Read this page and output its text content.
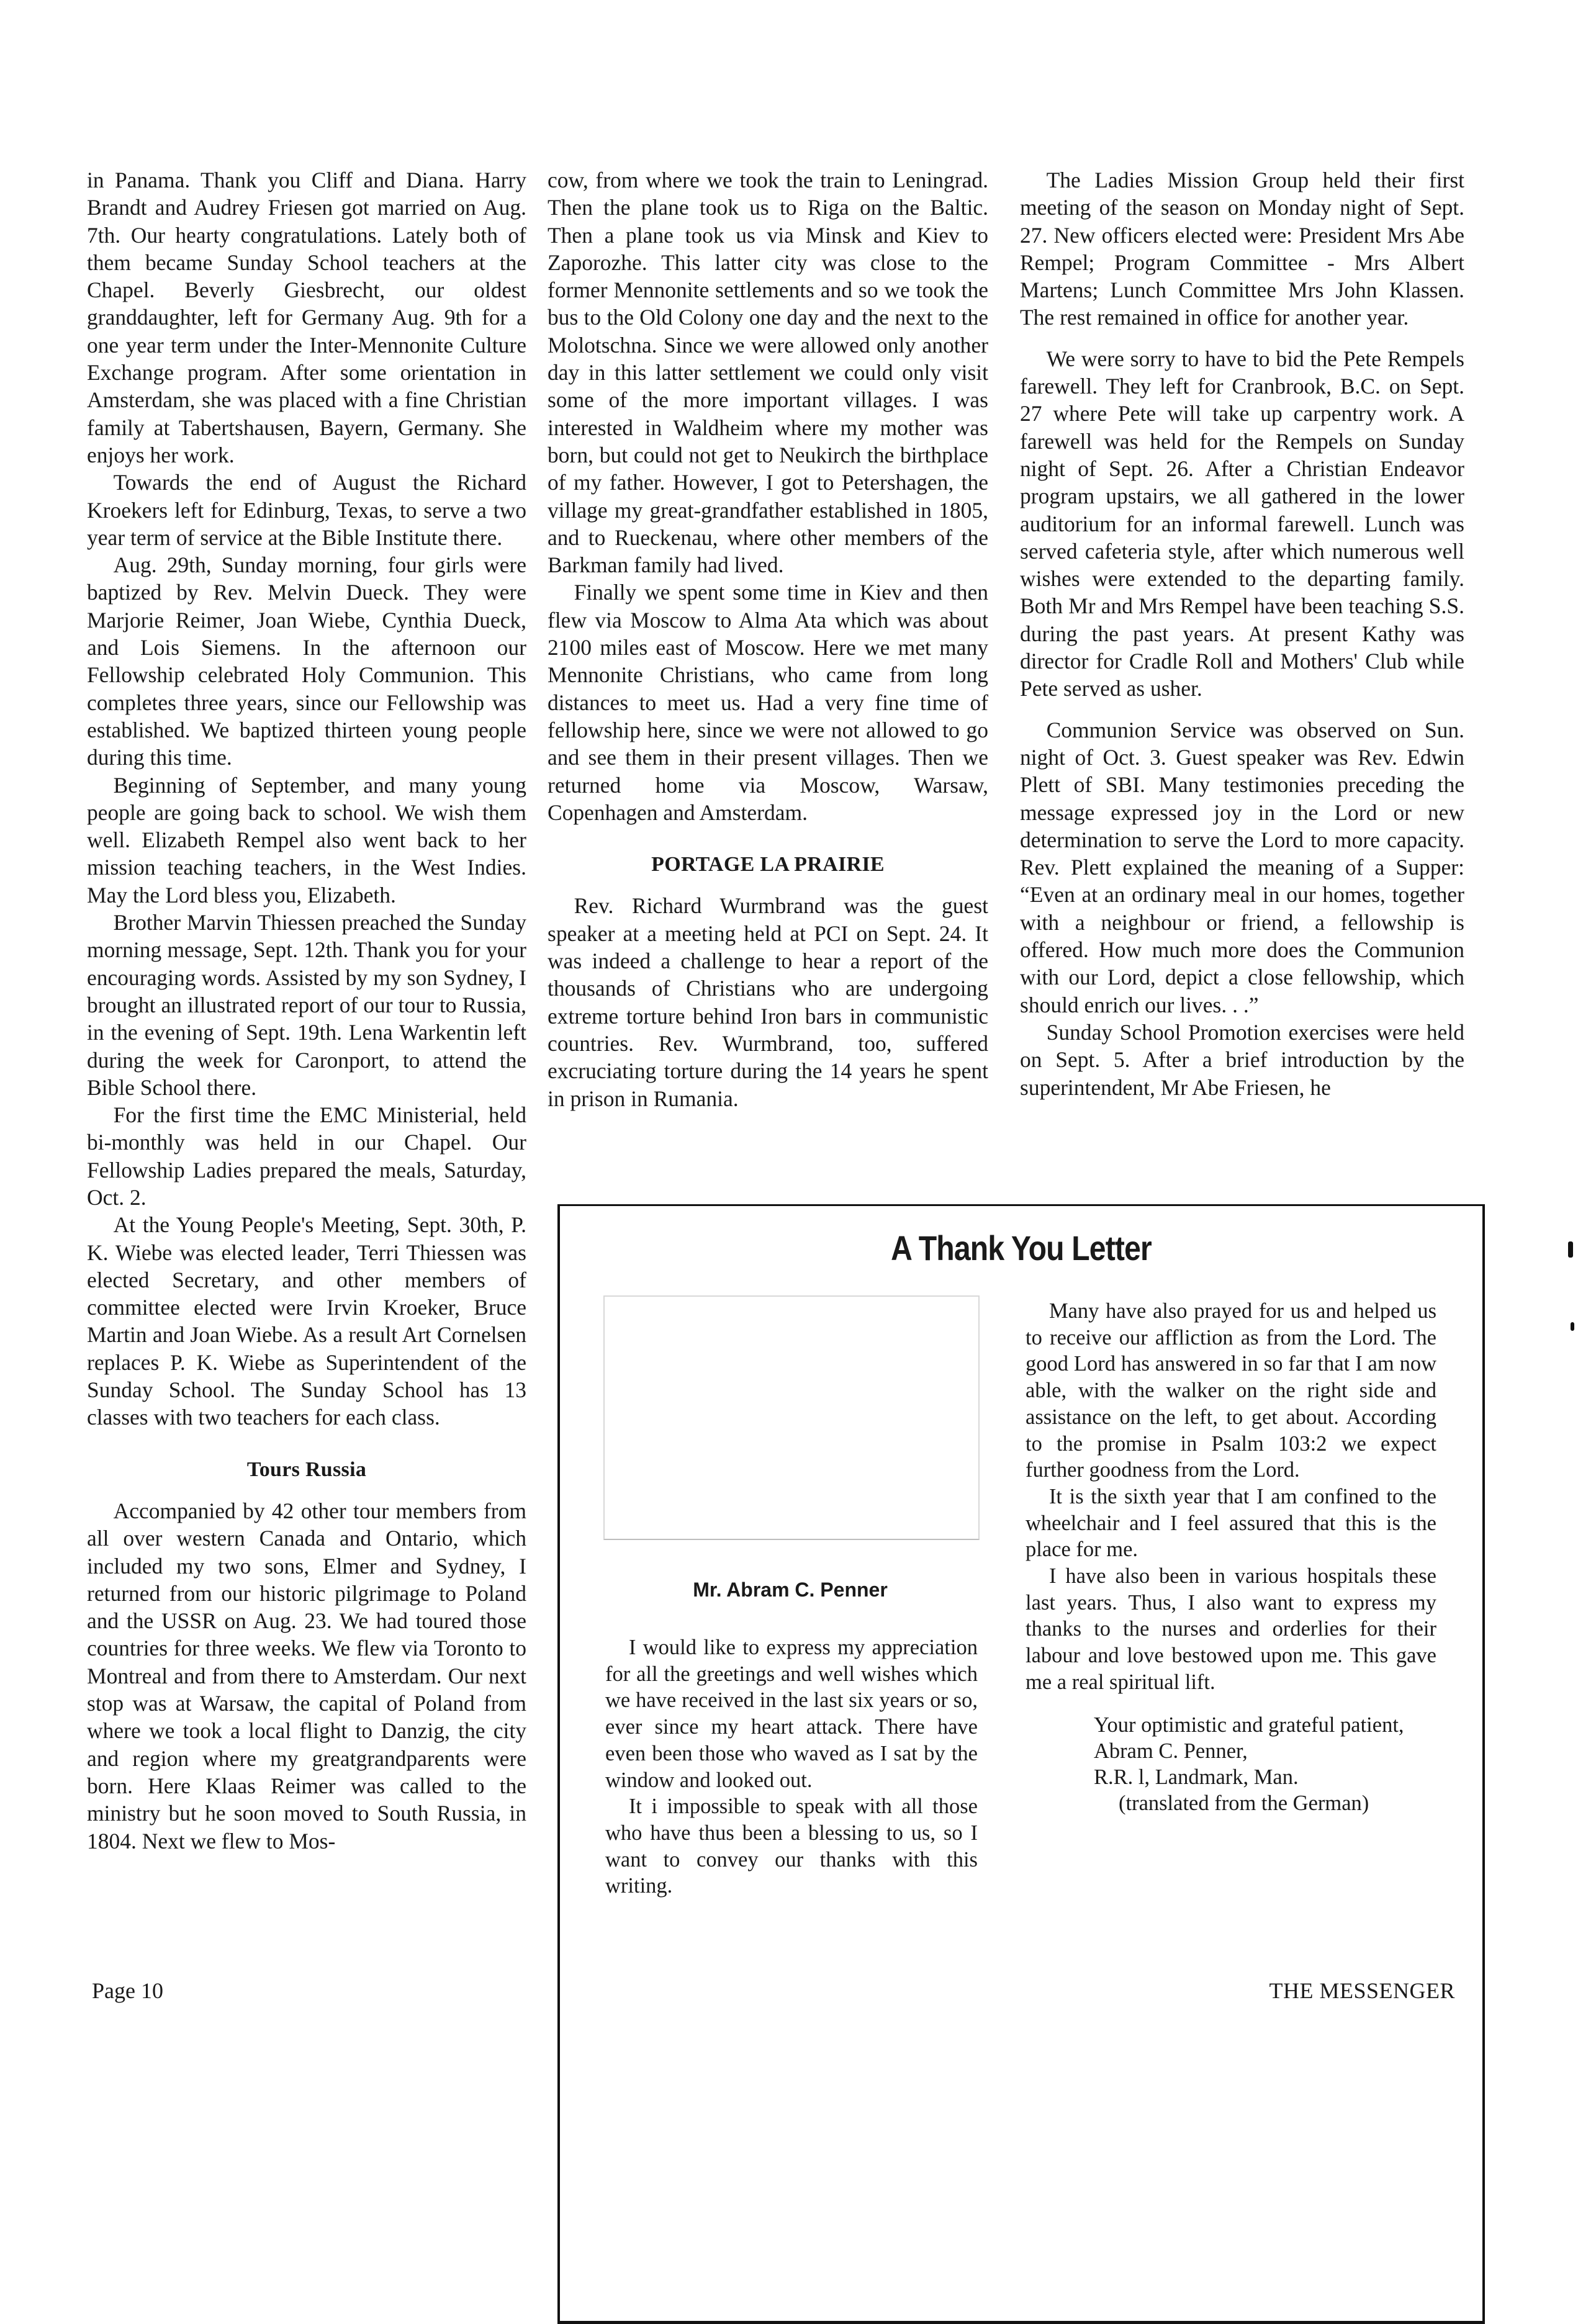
in Panama. Thank you Cliff and Diana. Harry Brandt and Audrey Friesen got married on Aug. 7th. Our hearty congratulations. Lately both of them became Sunday School teachers at the Chapel. Beverly Giesbrecht, our oldest granddaughter, left for Germany Aug. 9th for a one year term under the Inter-Mennonite Culture Exchange program. After some orientation in Amsterdam, she was placed with a fine Christian family at Tabertshausen, Bayern, Germany. She enjoys her work.

Towards the end of August the Richard Kroekers left for Edinburg, Texas, to serve a two year term of service at the Bible Institute there.

Aug. 29th, Sunday morning, four girls were baptized by Rev. Melvin Dueck. They were Marjorie Reimer, Joan Wiebe, Cynthia Dueck, and Lois Siemens. In the afternoon our Fellowship celebrated Holy Communion. This completes three years, since our Fellowship was established. We baptized thirteen young people during this time.

Beginning of September, and many young people are going back to school. We wish them well. Elizabeth Rempel also went back to her mission teaching teachers, in the West Indies. May the Lord bless you, Elizabeth.

Brother Marvin Thiessen preached the Sunday morning message, Sept. 12th. Thank you for your encouraging words. Assisted by my son Sydney, I brought an illustrated report of our tour to Russia, in the evening of Sept. 19th. Lena Warkentin left during the week for Caronport, to attend the Bible School there.

For the first time the EMC Ministerial, held bi-monthly was held in our Chapel. Our Fellowship Ladies prepared the meals, Saturday, Oct. 2.

At the Young People's Meeting, Sept. 30th, P. K. Wiebe was elected leader, Terri Thiessen was elected Secretary, and other members of committee elected were Irvin Kroeker, Bruce Martin and Joan Wiebe. As a result Art Cornelsen replaces P. K. Wiebe as Superintendent of the Sunday School. The Sunday School has 13 classes with two teachers for each class.

Tours Russia

Accompanied by 42 other tour members from all over western Canada and Ontario, which included my two sons, Elmer and Sydney, I returned from our historic pilgrimage to Poland and the USSR on Aug. 23. We had toured those countries for three weeks. We flew via Toronto to Montreal and from there to Amsterdam. Our next stop was at Warsaw, the capital of Poland from where we took a local flight to Danzig, the city and region where my greatgrandparents were born. Here Klaas Reimer was called to the ministry but he soon moved to South Russia, in 1804. Next we flew to Mos-

cow, from where we took the train to Leningrad. Then the plane took us to Riga on the Baltic. Then a plane took us via Minsk and Kiev to Zaporozhe. This latter city was close to the former Mennonite settlements and so we took the bus to the Old Colony one day and the next to the Molotschna. Since we were allowed only another day in this latter settlement we could only visit some of the more important villages. I was interested in Waldheim where my mother was born, but could not get to Neukirch the birthplace of my father. However, I got to Petershagen, the village my great-grandfather established in 1805, and to Rueckenau, where other members of the Barkman family had lived.

Finally we spent some time in Kiev and then flew via Moscow to Alma Ata which was about 2100 miles east of Moscow. Here we met many Mennonite Christians, who came from long distances to meet us. Had a very fine time of fellowship here, since we were not allowed to go and see them in their present villages. Then we returned home via Moscow, Warsaw, Copenhagen and Amsterdam.

PORTAGE LA PRAIRIE

Rev. Richard Wurmbrand was the guest speaker at a meeting held at PCI on Sept. 24. It was indeed a challenge to hear a report of the thousands of Christians who are undergoing extreme torture behind Iron bars in communistic countries. Rev. Wurmbrand, too, suffered excruciating torture during the 14 years he spent in prison in Rumania.

The Ladies Mission Group held their first meeting of the season on Monday night of Sept. 27. New officers elected were: President Mrs Abe Rempel; Program Committee - Mrs Albert Martens; Lunch Committee Mrs John Klassen. The rest remained in office for another year.

We were sorry to have to bid the Pete Rempels farewell. They left for Cranbrook, B.C. on Sept. 27 where Pete will take up carpentry work. A farewell was held for the Rempels on Sunday night of Sept. 26. After a Christian Endeavor program upstairs, we all gathered in the lower auditorium for an informal farewell. Lunch was served cafeteria style, after which numerous well wishes were extended to the departing family. Both Mr and Mrs Rempel have been teaching S.S. during the past years. At present Kathy was director for Cradle Roll and Mothers' Club while Pete served as usher.

Communion Service was observed on Sun. night of Oct. 3. Guest speaker was Rev. Edwin Plett of SBI. Many testimonies preceding the message expressed joy in the Lord or new determination to serve the Lord to more capacity. Rev. Plett explained the meaning of a Supper: “Even at an ordinary meal in our homes, together with a neighbour or friend, a fellowship is offered. How much more does the Communion with our Lord, depict a close fellowship, which should enrich our lives. . .”

Sunday School Promotion exercises were held on Sept. 5. After a brief introduction by the superintendent, Mr Abe Friesen, he

A Thank You Letter
Mr. Abram C. Penner

I would like to express my appreciation for all the greetings and well wishes which we have received in the last six years or so, ever since my heart attack. There have even been those who waved as I sat by the window and looked out.

It i impossible to speak with all those who have thus been a blessing to us, so I want to convey our thanks with this writing.

Many have also prayed for us and helped us to receive our affliction as from the Lord. The good Lord has answered in so far that I am now able, with the walker on the right side and assistance on the left, to get about. According to the promise in Psalm 103:2 we expect further goodness from the Lord.

It is the sixth year that I am confined to the wheelchair and I feel assured that this is the place for me.

I have also been in various hospitals these last years. Thus, I also want to express my thanks to the nurses and orderlies for their labour and love bestowed upon me. This gave me a real spiritual lift.

Your optimistic and grateful patient,
Abram C. Penner,
R.R. l, Landmark, Man.
(translated from the German)
Page 10	THE MESSENGER
